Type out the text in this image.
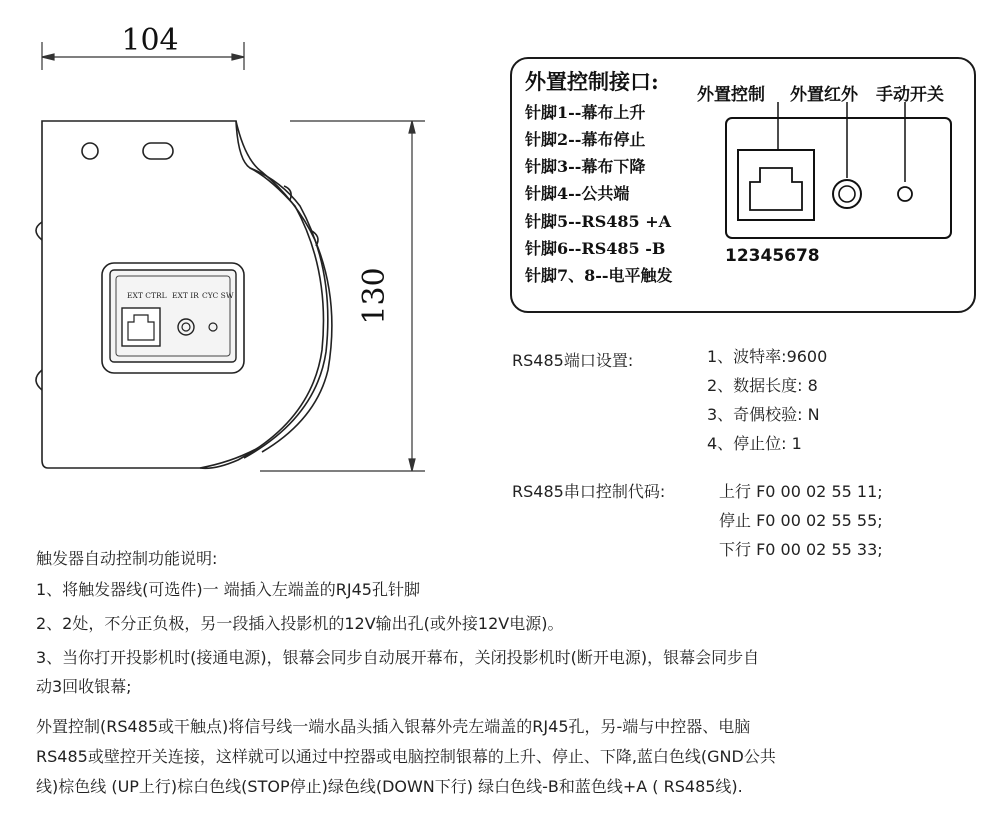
104
130
EXT CTRL EXT IR CYC SW
外置控制接口:
针脚1--幕布上升
针脚2--幕布停止
针脚3--幕布下降
针脚4--公共端
针脚5--RS485 +A
针脚6--RS485 -B
针脚7、8--电平触发
外置控制 外置红外 手动开关
12345678
RS485端口设置:	1、波特率:9600
2、数据长度: 8
3、奇偶校验: N
4、停止位: 1
RS485串口控制代码:	上行 F0 00 02 55 11;
停止 F0 00 02 55 55;
下行 F0 00 02 55 33;
触发器自动控制功能说明:
1、将触发器线(可选件)一 端插入左端盖的RJ45孔针脚
2、2处，不分正负极，另一段插入投影机的12V输出孔(或外接12V电源)。
3、当你打开投影机时(接通电源)，银幕会同步自动展开幕布，关闭投影机时(断开电源)，银幕会同步自
动3回收银幕;
外置控制(RS485或干触点)将信号线一端水晶头插入银幕外壳左端盖的RJ45孔，另-端与中控器、电脑
RS485或壁控开关连接，这样就可以通过中控器或电脑控制银幕的上升、停止、下降,蓝白色线(GND公共
线)棕色线 (UP上行)棕白色线(STOP停止)绿色线(DOWN下行) 绿白色线-B和蓝色线+A ( RS485线).
